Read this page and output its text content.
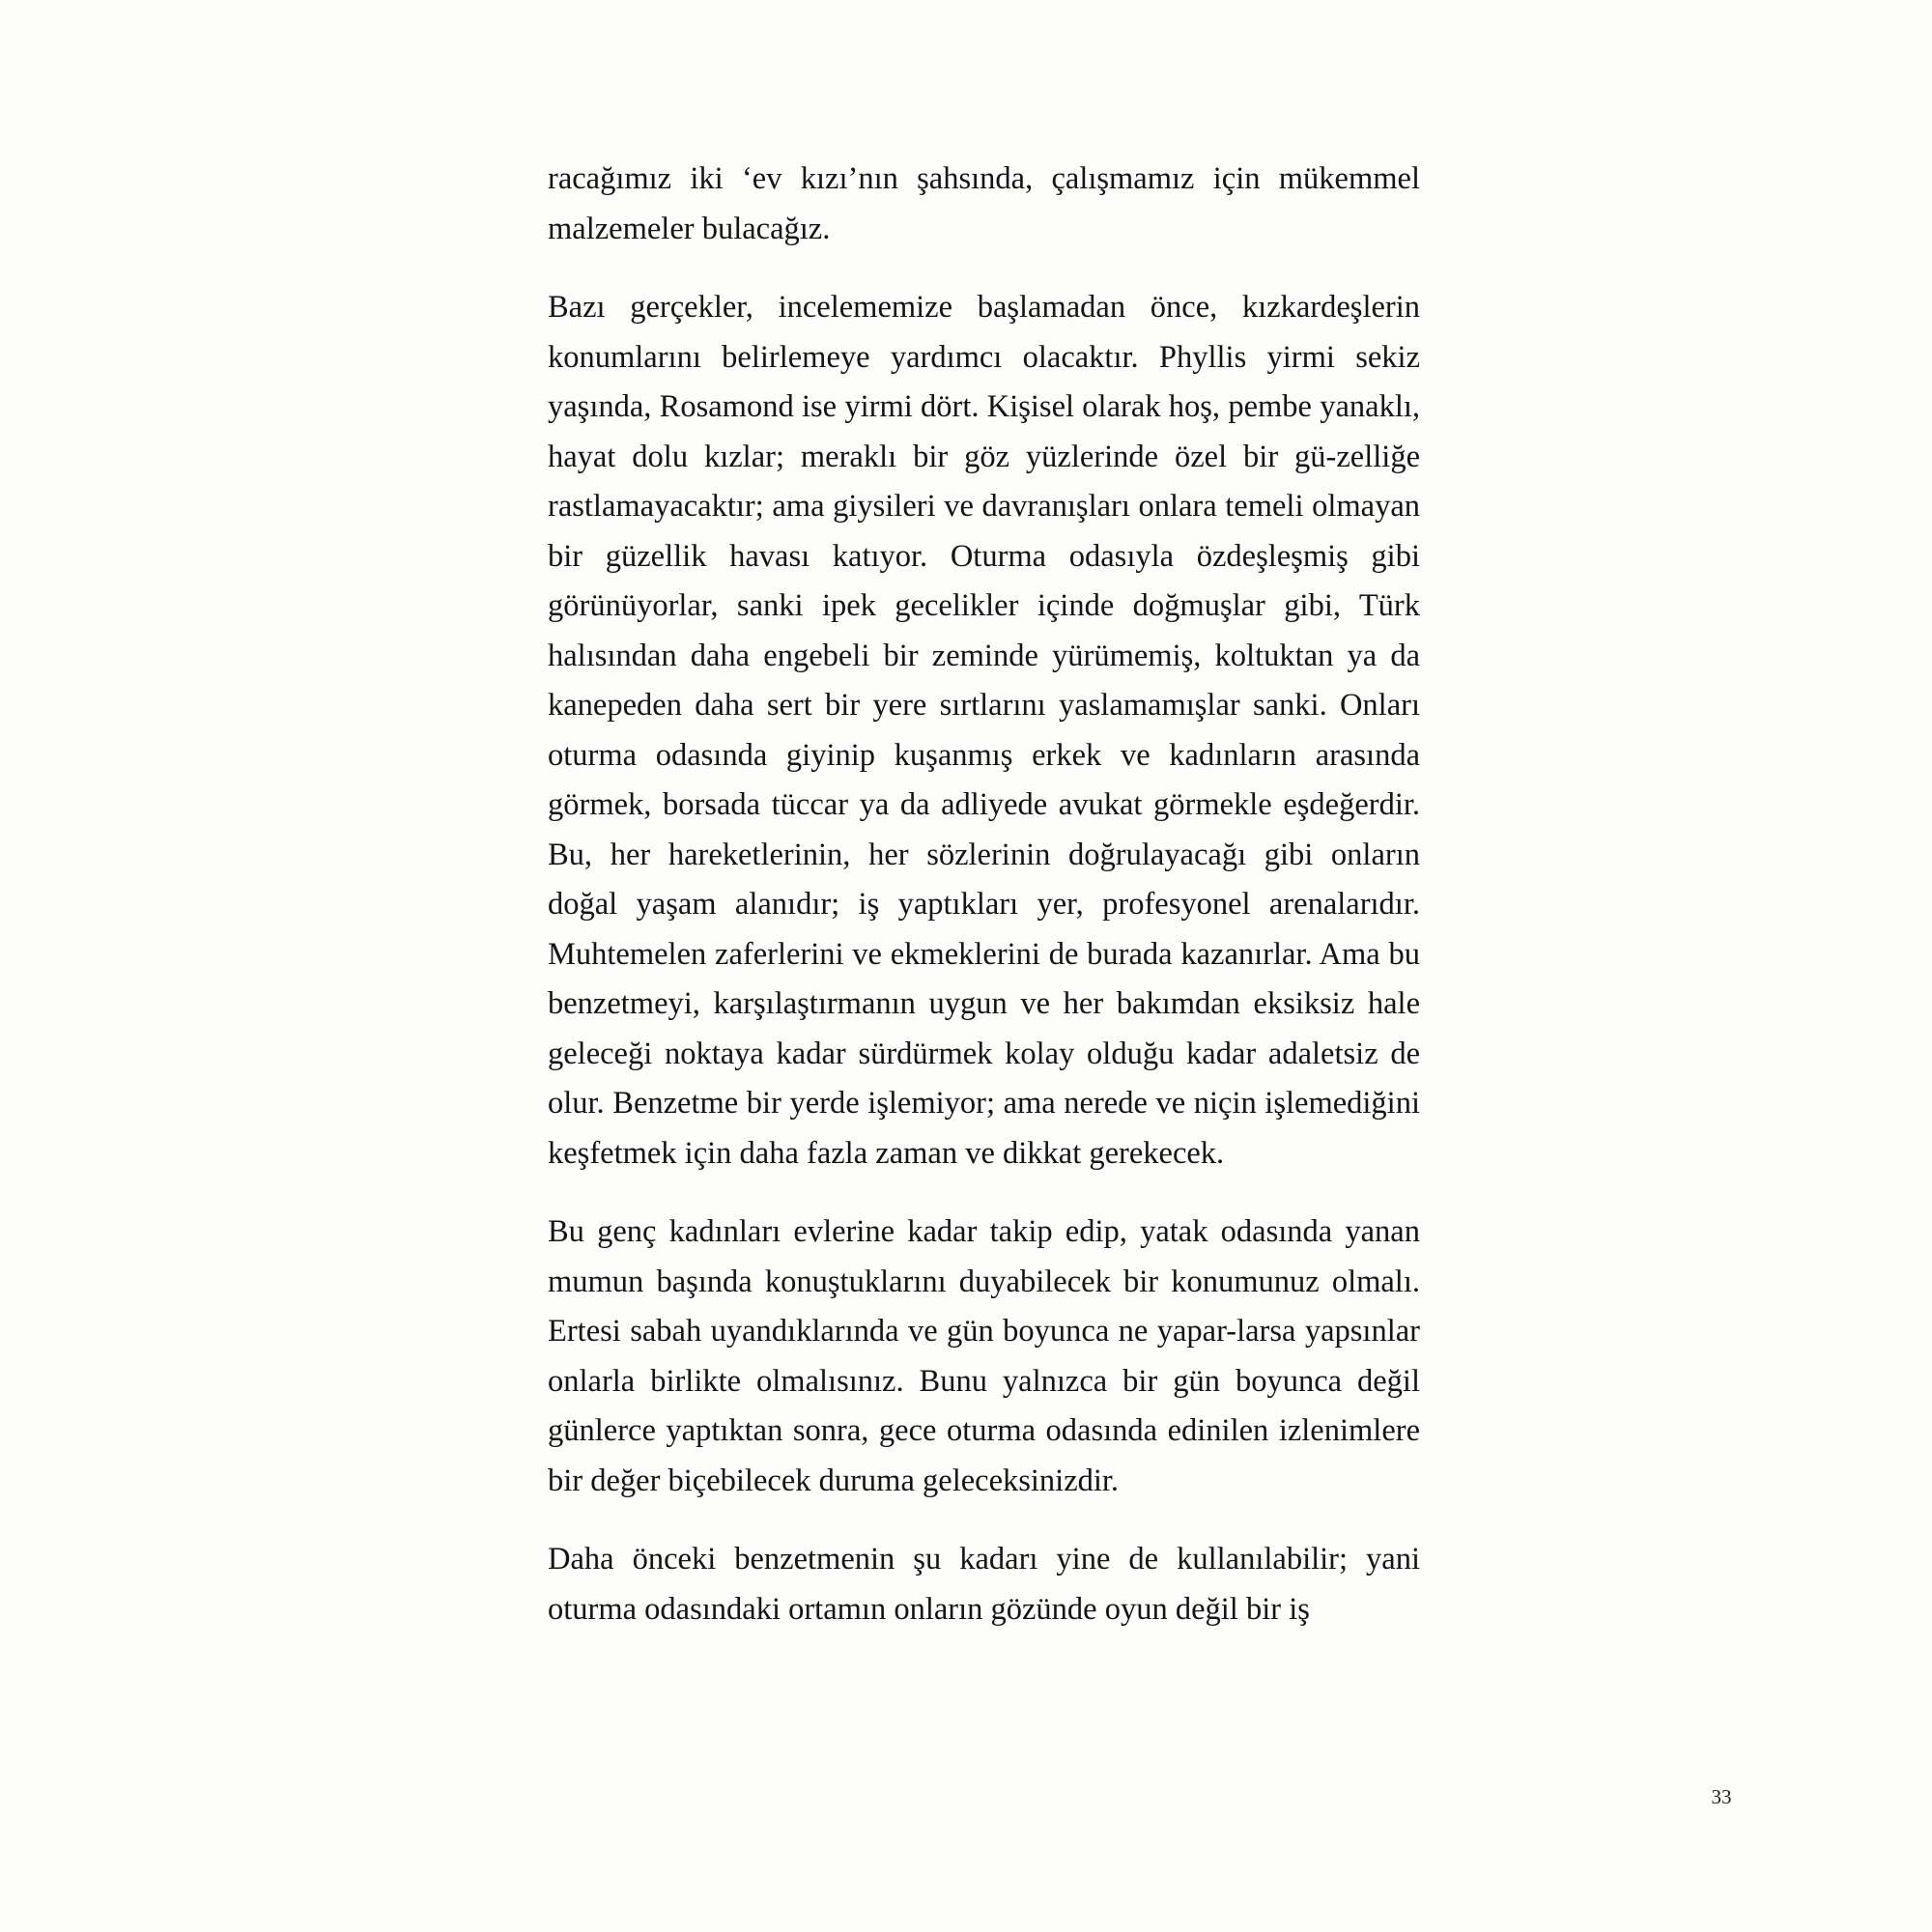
racağımız iki ‘ev kızı’nın şahsında, çalışmamız için mükemmel malzemeler bulacağız.

Bazı gerçekler, incelememize başlamadan önce, kızkardeşlerin konumlarını belirlemeye yardımcı olacaktır. Phyllis yirmi sekiz yaşında, Rosamond ise yirmi dört. Kişisel olarak hoş, pembe yanaklı, hayat dolu kızlar; meraklı bir göz yüzlerinde özel bir gü-zelliğe rastlamayacaktır; ama giysileri ve davranışları onlara temeli olmayan bir güzellik havası katıyor. Oturma odasıyla özdeşleşmiş gibi görünüyorlar, sanki ipek gecelikler içinde doğmuşlar gibi, Türk halısından daha engebeli bir zeminde yürümemiş, koltuktan ya da kanepeden daha sert bir yere sırtlarını yaslamamışlar sanki. Onları oturma odasında giyinip kuşanmış erkek ve kadınların arasında görmek, borsada tüccar ya da adliyede avukat görmekle eşdeğerdir. Bu, her hareketlerinin, her sözlerinin doğrulayacağı gibi onların doğal yaşam alanıdır; iş yaptıkları yer, profesyonel arenalarıdır. Muhtemelen zaferlerini ve ekmeklerini de burada kazanırlar. Ama bu benzetmeyi, karşılaştırmanın uygun ve her bakımdan eksiksiz hale geleceği noktaya kadar sürdürmek kolay olduğu kadar adaletsiz de olur. Benzetme bir yerde işlemiyor; ama nerede ve niçin işlemediğini keşfetmek için daha fazla zaman ve dikkat gerekecek.

Bu genç kadınları evlerine kadar takip edip, yatak odasında yanan mumun başında konuştuklarını duyabilecek bir konumunuz olmalı. Ertesi sabah uyandıklarında ve gün boyunca ne yapar-larsa yapsınlar onlarla birlikte olmalısınız. Bunu yalnızca bir gün boyunca değil günlerce yaptıktan sonra, gece oturma odasında edinilen izlenimlere bir değer biçebilecek duruma geleceksinizdir.

Daha önceki benzetmenin şu kadarı yine de kullanılabilir; yani oturma odasındaki ortamın onların gözünde oyun değil bir iş

33
